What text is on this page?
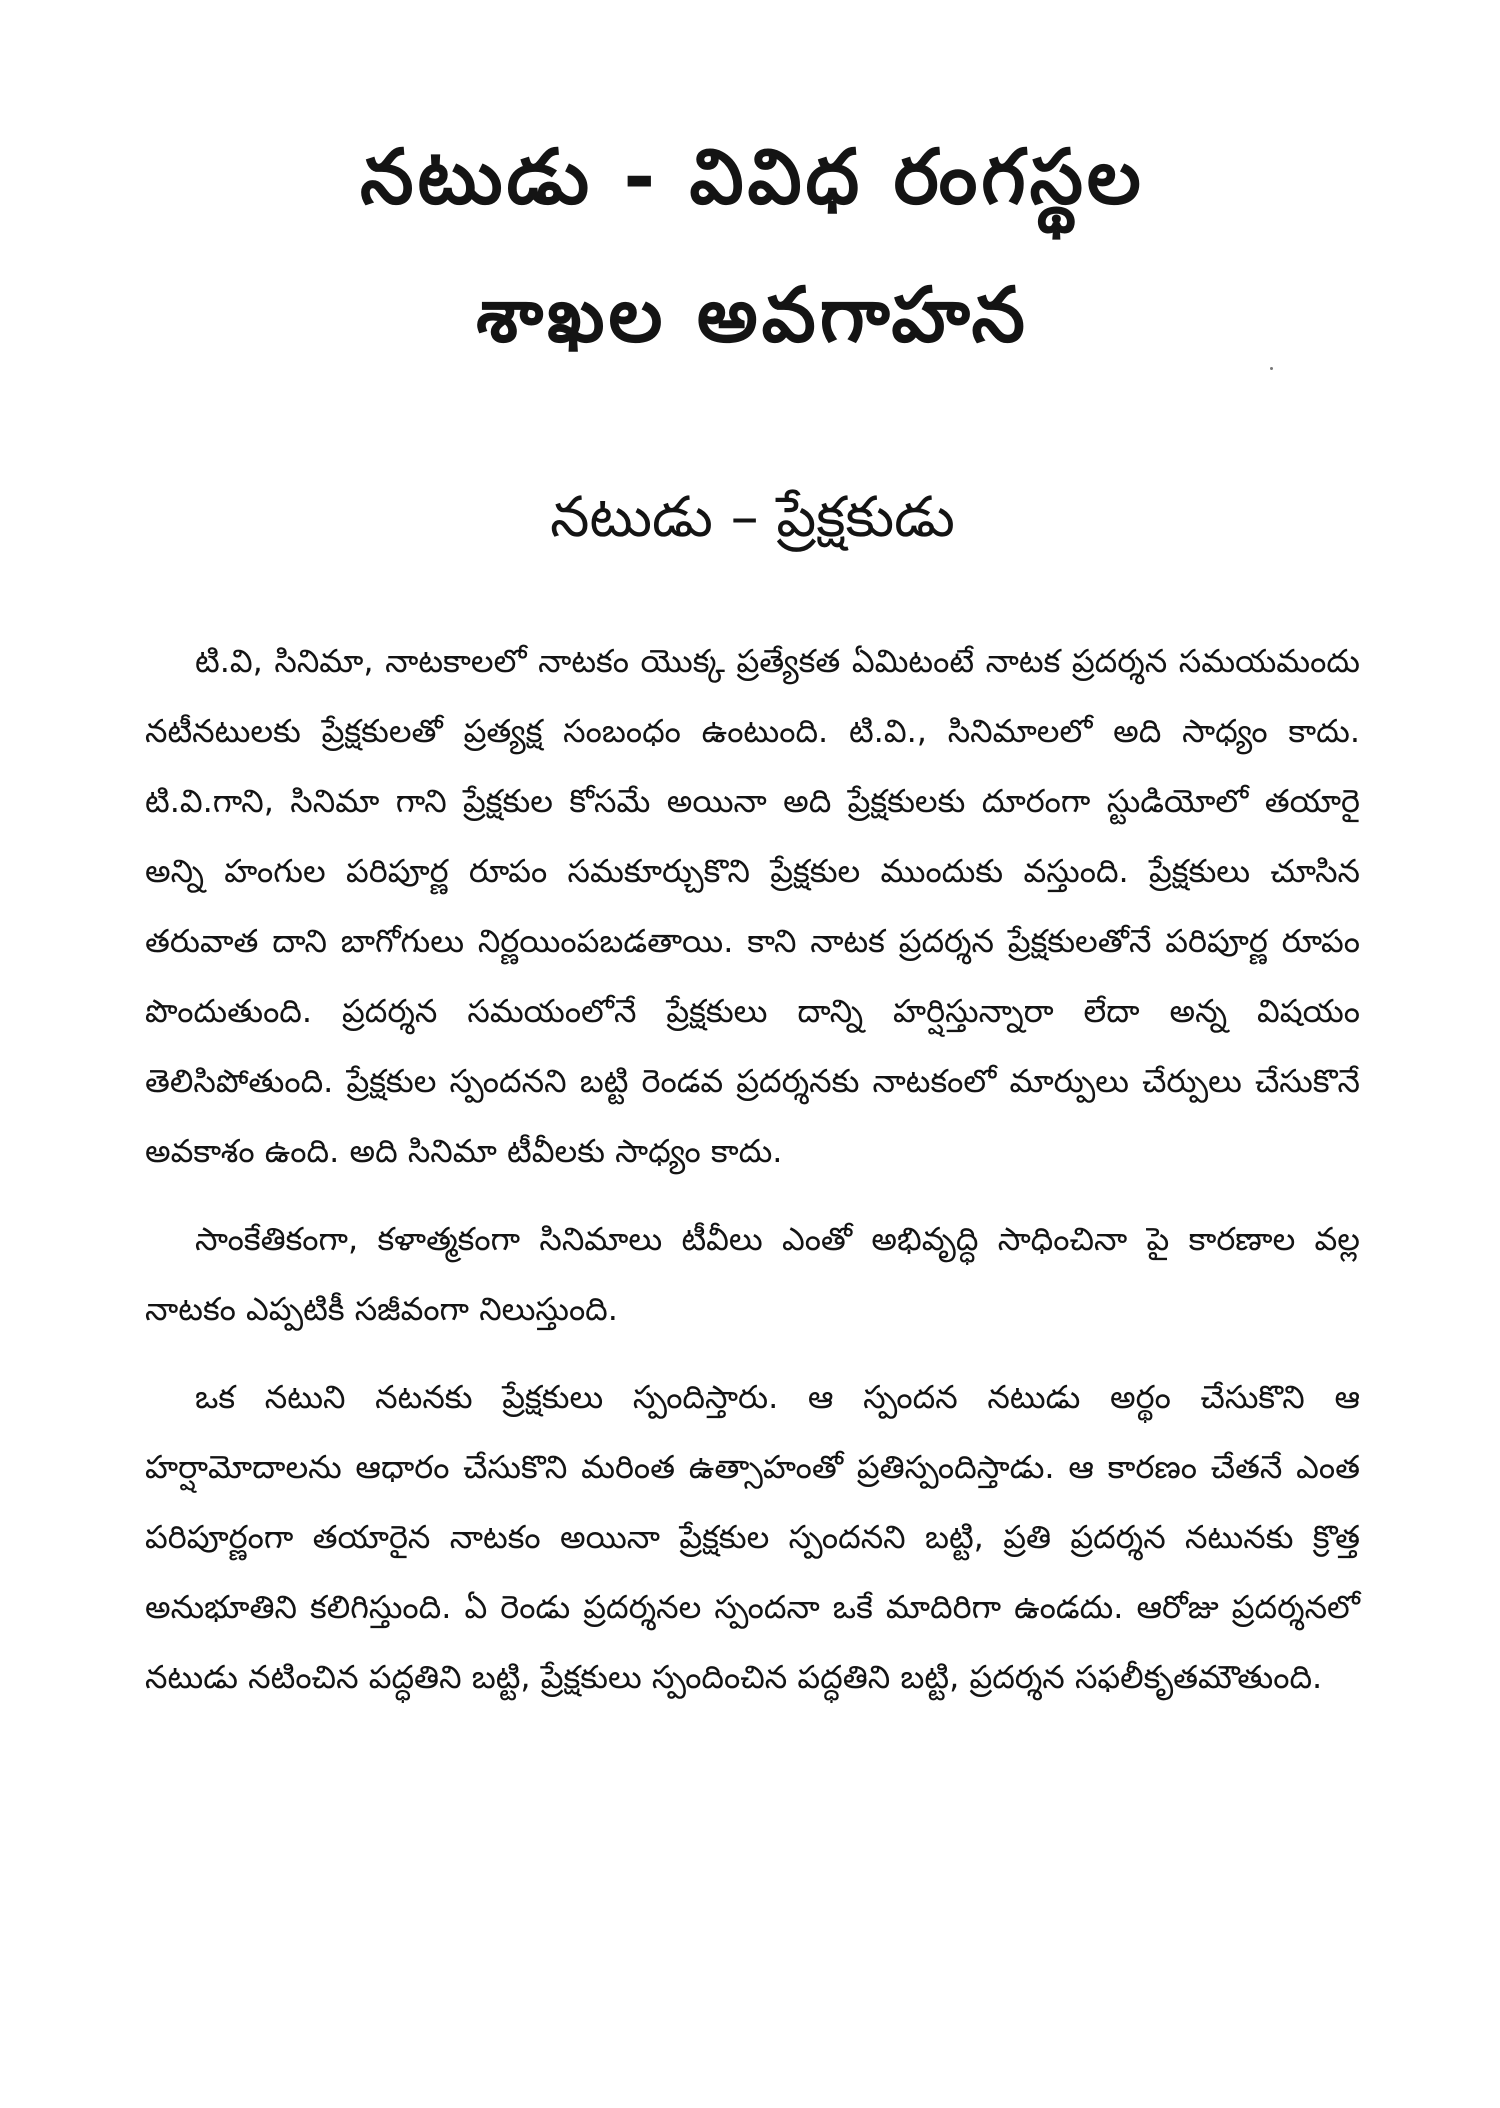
నటుడు - వివిధ రంగస్థల
శాఖల అవగాహన
నటుడు – ప్రేక్షకుడు

టి.వి, సినిమా, నాటకాలలో నాటకం యొక్క ప్రత్యేకత ఏమిటంటే నాటక ప్రదర్శన సమయమందు నటీనటులకు ప్రేక్షకులతో ప్రత్యక్ష సంబంధం ఉంటుంది. టి.వి., సినిమాలలో అది సాధ్యం కాదు. టి.వి.గాని, సినిమా గాని ప్రేక్షకుల కోసమే అయినా అది ప్రేక్షకులకు దూరంగా స్టుడియోలో తయారై అన్ని హంగుల పరిపూర్ణ రూపం సమకూర్చుకొని ప్రేక్షకుల ముందుకు వస్తుంది. ప్రేక్షకులు చూసిన తరువాత దాని బాగోగులు నిర్ణయింపబడతాయి. కాని నాటక ప్రదర్శన ప్రేక్షకులతోనే పరిపూర్ణ రూపం పొందుతుంది. ప్రదర్శన సమయంలోనే ప్రేక్షకులు దాన్ని హర్షిస్తున్నారా లేదా అన్న విషయం తెలిసిపోతుంది. ప్రేక్షకుల స్పందనని బట్టి రెండవ ప్రదర్శనకు నాటకంలో మార్పులు చేర్పులు చేసుకొనే అవకాశం ఉంది. అది సినిమా టీవీలకు సాధ్యం కాదు.

సాంకేతికంగా, కళాత్మకంగా సినిమాలు టీవీలు ఎంతో అభివృద్ధి సాధించినా పై కారణాల వల్ల నాటకం ఎప్పటికీ సజీవంగా నిలుస్తుంది.

ఒక నటుని నటనకు ప్రేక్షకులు స్పందిస్తారు. ఆ స్పందన నటుడు అర్థం చేసుకొని ఆ హర్షామోదాలను ఆధారం చేసుకొని మరింత ఉత్సాహంతో ప్రతిస్పందిస్తాడు. ఆ కారణం చేతనే ఎంత పరిపూర్ణంగా తయారైన నాటకం అయినా ప్రేక్షకుల స్పందనని బట్టి, ప్రతి ప్రదర్శన నటునకు క్రొత్త అనుభూతిని కలిగిస్తుంది. ఏ రెండు ప్రదర్శనల స్పందనా ఒకే మాదిరిగా ఉండదు. ఆరోజు ప్రదర్శనలో నటుడు నటించిన పద్ధతిని బట్టి, ప్రేక్షకులు స్పందించిన పద్ధతిని బట్టి, ప్రదర్శన సఫలీకృతమౌతుంది.
